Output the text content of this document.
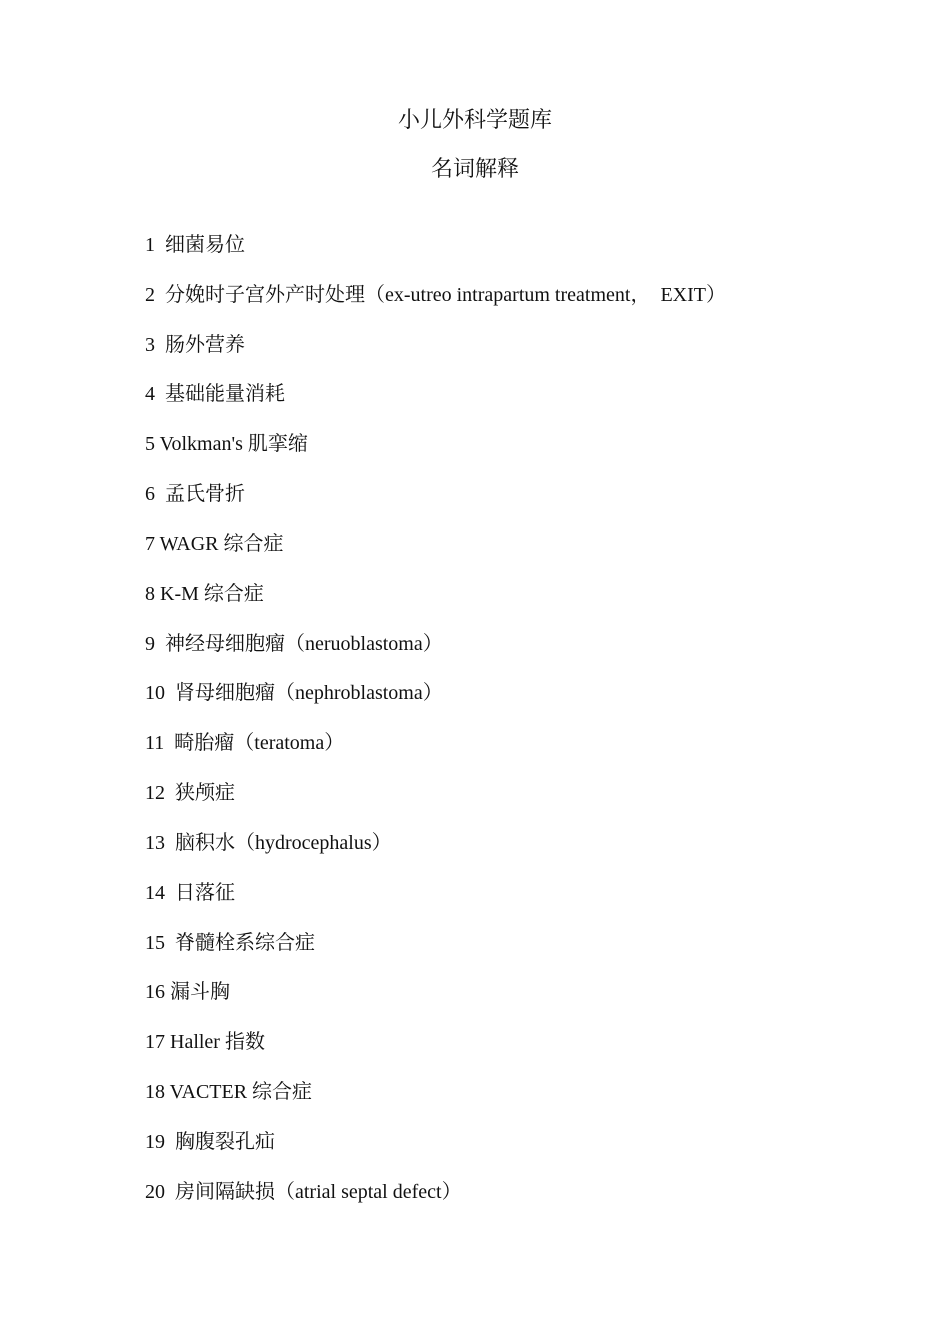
小儿外科学题库
名词解释
1  细菌易位
2  分娩时子宫外产时处理（ex-utreo intrapartum treatment，  EXIT）
3  肠外营养
4  基础能量消耗
5 Volkman's 肌挛缩
6  孟氏骨折
7 WAGR 综合症
8 K-M 综合症
9  神经母细胞瘤（neruoblastoma）
10  肾母细胞瘤（nephroblastoma）
11  畸胎瘤（teratoma）
12  狭颅症
13  脑积水（hydrocephalus）
14  日落征
15  脊髓栓系综合症
16 漏斗胸
17 Haller 指数
18 VACTER 综合症
19  胸腹裂孔疝
20  房间隔缺损（atrial septal defect）
